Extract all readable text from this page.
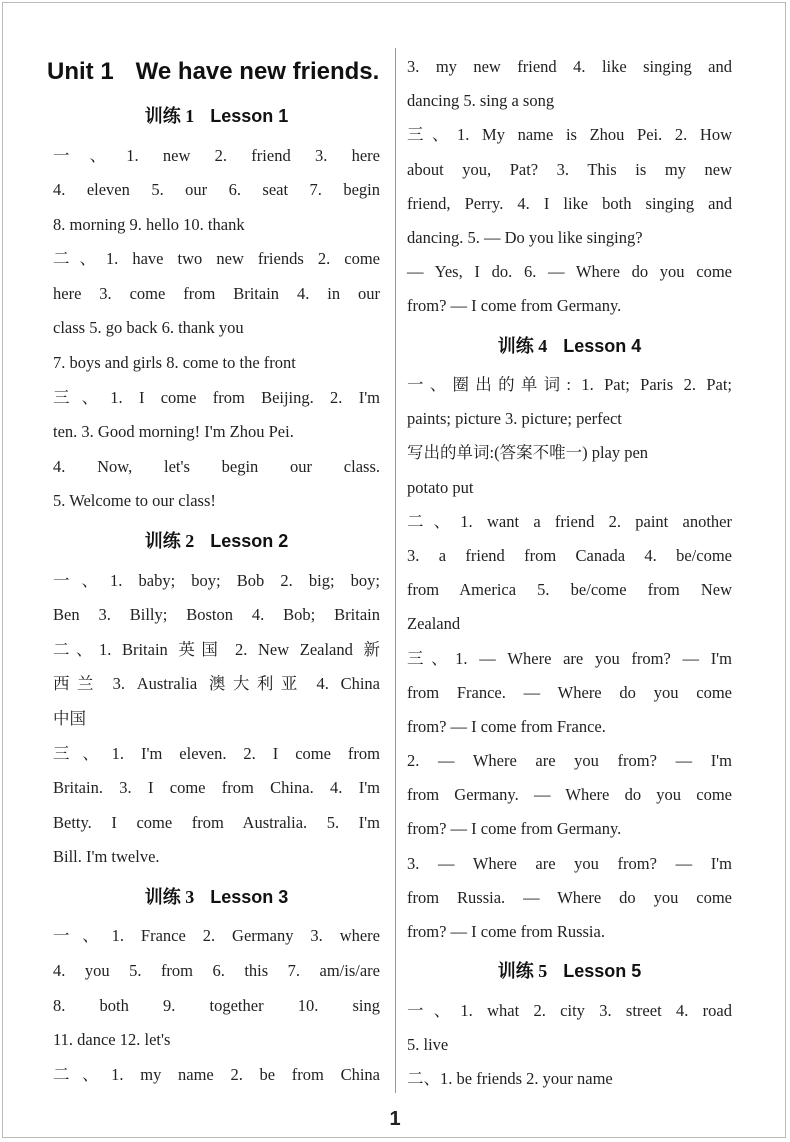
Unit 1 We have new friends.
训练 1 Lesson 1
一、1. new 2. friend 3. here
4. eleven 5. our 6. seat 7. begin
8. morning 9. hello 10. thank
二、1. have two new friends 2. come
here 3. come from Britain 4. in our
class 5. go back 6. thank you
7. boys and girls 8. come to the front
三、1. I come from Beijing. 2. I'm
ten. 3. Good morning! I'm Zhou Pei.
4. Now, let's begin our class.
5. Welcome to our class!
训练 2 Lesson 2
一、1. baby; boy; Bob 2. big; boy;
Ben 3. Billy; Boston 4. Bob; Britain
二、1. Britain 英国 2. New Zealand 新
西兰 3. Australia 澳大利亚 4. China
中国
三、1. I'm eleven. 2. I come from
Britain. 3. I come from China. 4. I'm
Betty. I come from Australia. 5. I'm
Bill. I'm twelve.
训练 3 Lesson 3
一、1. France 2. Germany 3. where
4. you 5. from 6. this 7. am/is/are
8. both 9. together 10. sing
11. dance 12. let's
二、1. my name 2. be from China
3. my new friend 4. like singing and
dancing 5. sing a song
三、1. My name is Zhou Pei. 2. How
about you, Pat? 3. This is my new
friend, Perry. 4. I like both singing and
dancing. 5. — Do you like singing?
— Yes, I do. 6. — Where do you come
from? — I come from Germany.
训练 4 Lesson 4
一、圈出的单词: 1. Pat; Paris 2. Pat;
paints; picture 3. picture; perfect
写出的单词:(答案不唯一) play pen
potato put
二、1. want a friend 2. paint another
3. a friend from Canada 4. be/come
from America 5. be/come from New
Zealand
三、1. — Where are you from? — I'm
from France. — Where do you come
from? — I come from France.
2. — Where are you from? — I'm
from Germany. — Where do you come
from? — I come from Germany.
3. — Where are you from? — I'm
from Russia. — Where do you come
from? — I come from Russia.
训练 5 Lesson 5
一、1. what 2. city 3. street 4. road
5. live
二、1. be friends 2. your name
1
